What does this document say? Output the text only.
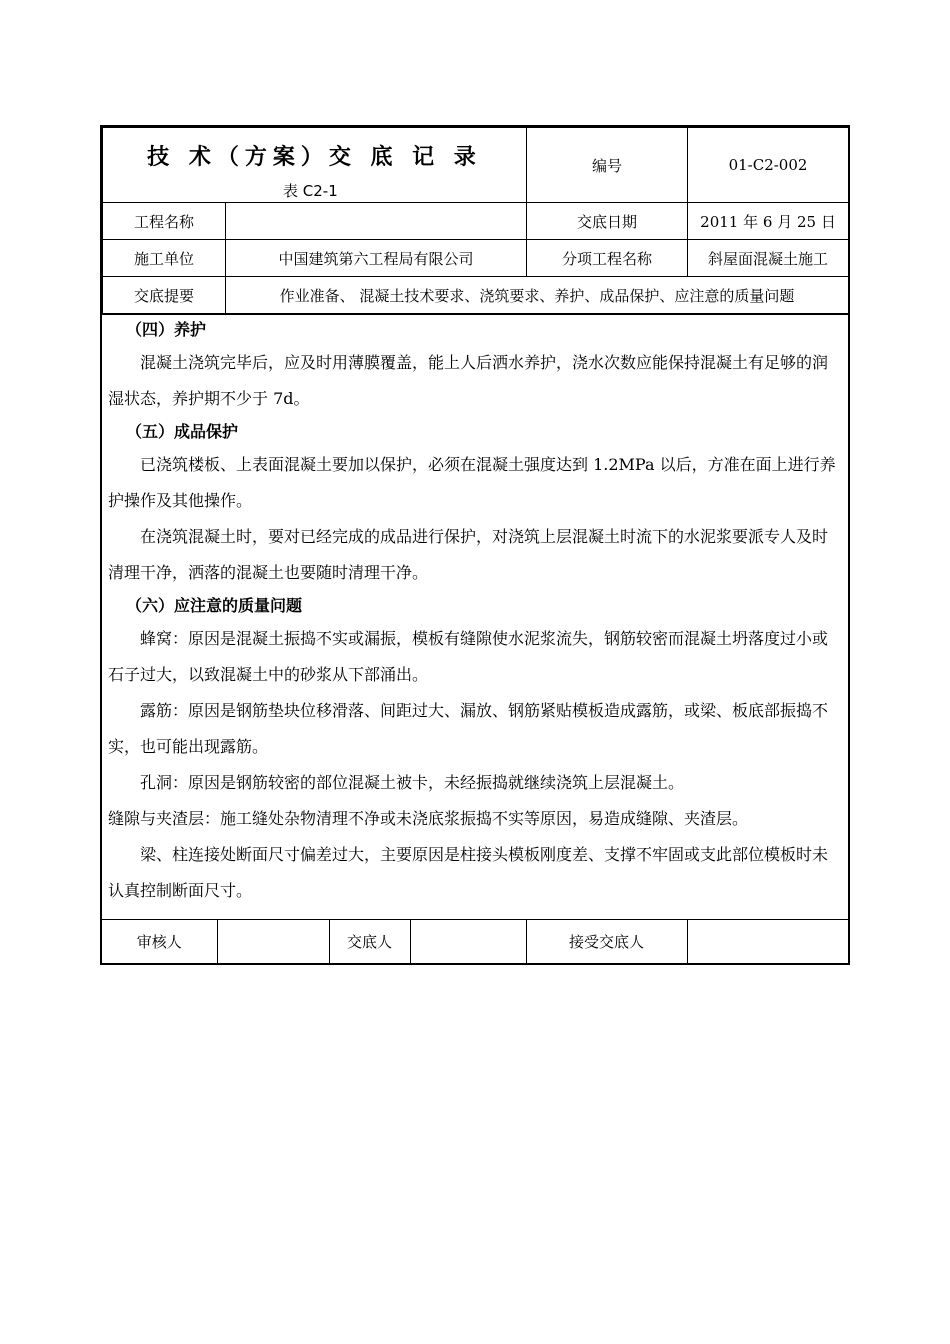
技 术（方案）交 底 记 录
表 C2-1		编号	01-C2-002
工程名称		交底日期	2011 年 6 月 25 日
施工单位	中国建筑第六工程局有限公司	分项工程名称	斜屋面混凝土施工
交底提要	作业准备、 混凝土技术要求、浇筑要求、养护、成品保护、应注意的质量问题		
（四）养护

混凝土浇筑完毕后，应及时用薄膜覆盖，能上人后洒水养护，浇水次数应能保持混凝土有足够的润湿状态，养护期不少于 7d。

（五）成品保护

已浇筑楼板、上表面混凝土要加以保护，必须在混凝土强度达到 1.2MPa 以后，方准在面上进行养护操作及其他操作。

在浇筑混凝土时，要对已经完成的成品进行保护，对浇筑上层混凝土时流下的水泥浆要派专人及时清理干净，洒落的混凝土也要随时清理干净。

（六）应注意的质量问题

蜂窝：原因是混凝土振捣不实或漏振，模板有缝隙使水泥浆流失，钢筋较密而混凝土坍落度过小或石子过大，以致混凝土中的砂浆从下部涌出。

露筋：原因是钢筋垫块位移滑落、间距过大、漏放、钢筋紧贴模板造成露筋，或梁、板底部振捣不实，也可能出现露筋。

孔洞：原因是钢筋较密的部位混凝土被卡，未经振捣就继续浇筑上层混凝土。

缝隙与夹渣层：施工缝处杂物清理不净或未浇底浆振捣不实等原因，易造成缝隙、夹渣层。

梁、柱连接处断面尺寸偏差过大，主要原因是柱接头模板刚度差、支撑不牢固或支此部位模板时未认真控制断面尺寸。

审核人		交底人		接受交底人	
